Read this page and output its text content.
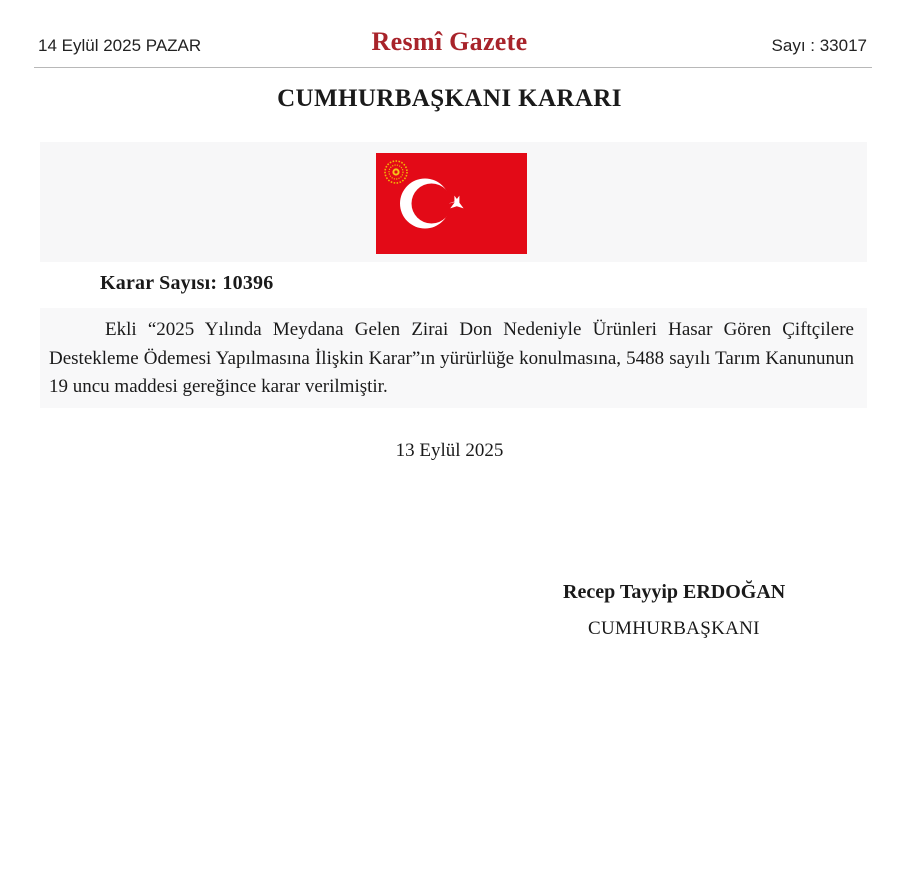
14 Eylül 2025 PAZAR	Resmî Gazete	Sayı : 33017
CUMHURBAŞKANI KARARI
Karar Sayısı: 10396
Ekli “2025 Yılında Meydana Gelen Zirai Don Nedeniyle Ürünleri Hasar Gören Çiftçilere Destekleme Ödemesi Yapılmasına İlişkin Karar”ın yürürlüğe konulmasına, 5488 sayılı Tarım Kanununun 19 uncu maddesi gereğince karar verilmiştir.
13 Eylül 2025
Recep Tayyip ERDOĞAN
CUMHURBAŞKANI
